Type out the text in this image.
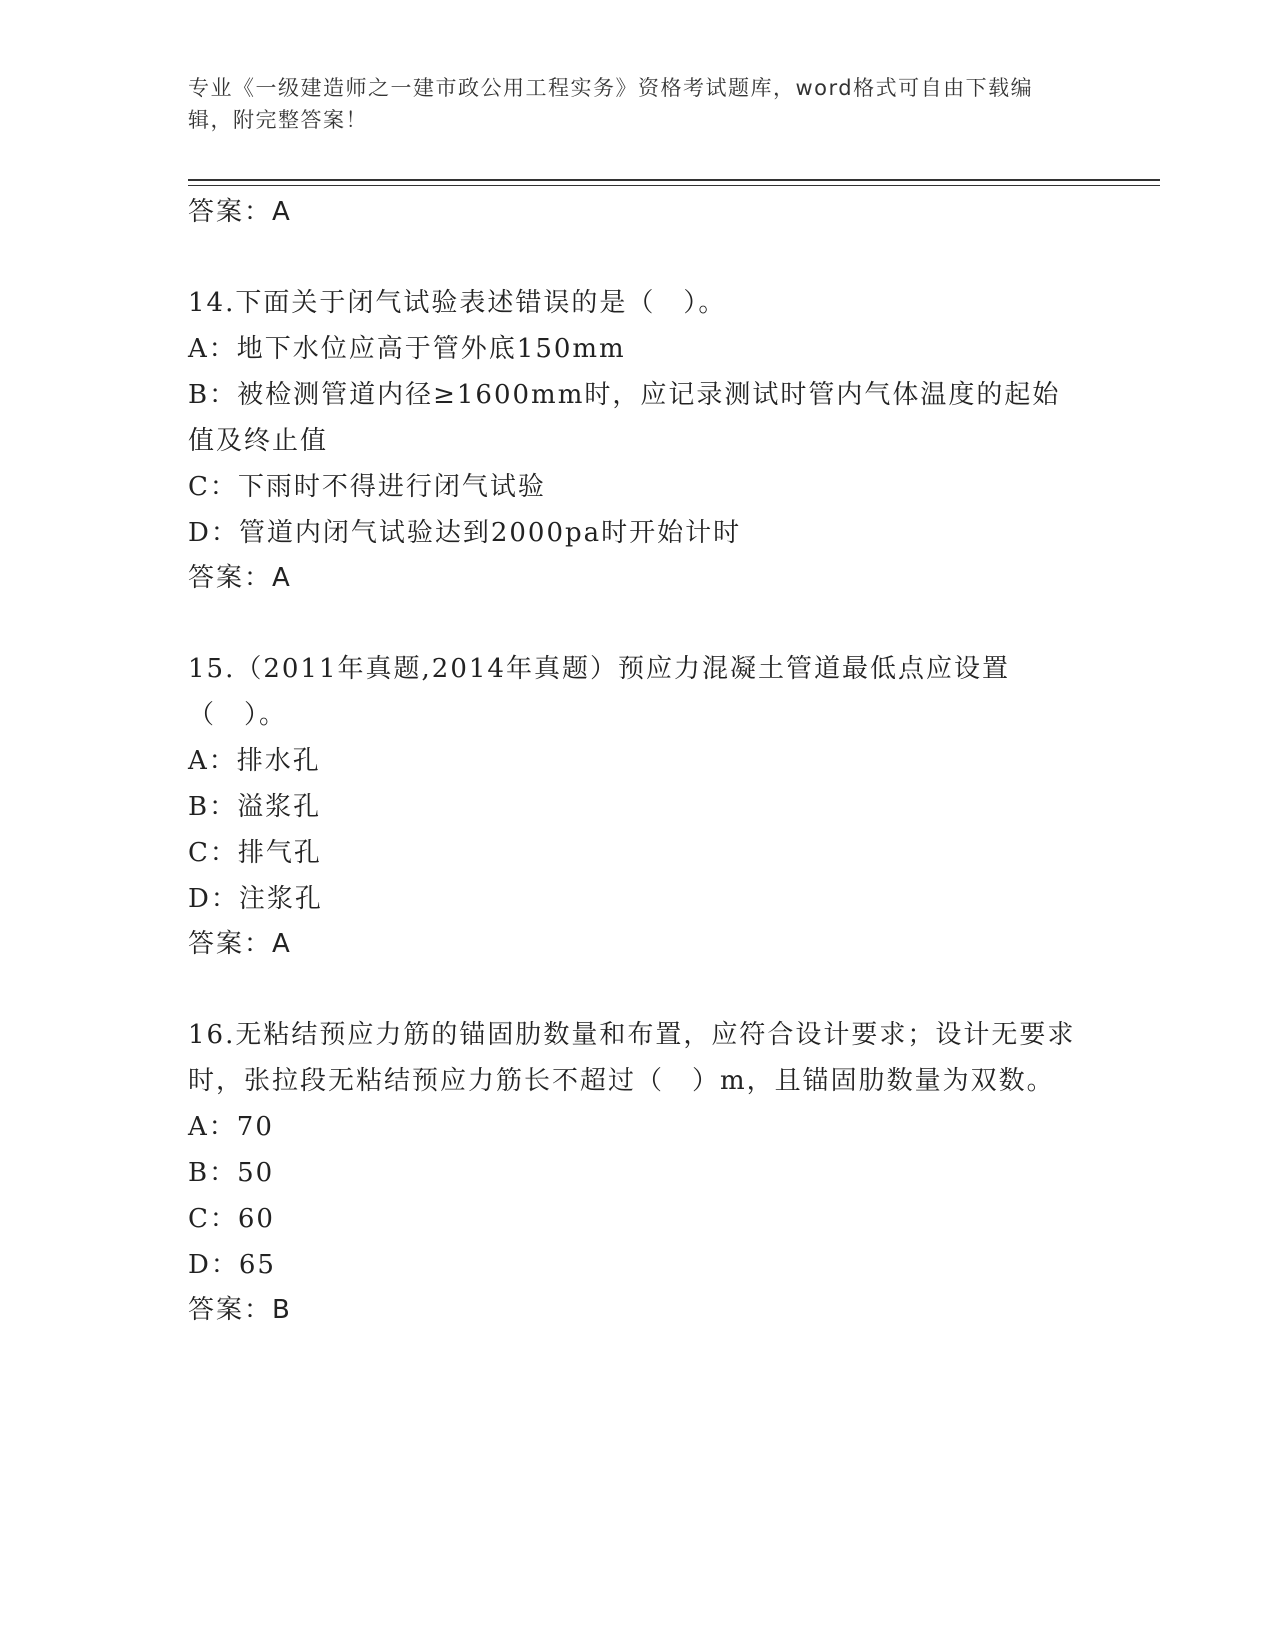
专业《一级建造师之一建市政公用工程实务》资格考试题库，word格式可自由下载编辑，附完整答案！

答案：A

14.下面关于闭气试验表述错误的是（　）。

A：地下水位应高于管外底150mm

B：被检测管道内径≥1600mm时，应记录测试时管内气体温度的起始值及终止值

C：下雨时不得进行闭气试验

D：管道内闭气试验达到2000pa时开始计时

答案：A

15.（2011年真题,2014年真题）预应力混凝土管道最低点应设置（　）。

A：排水孔

B：溢浆孔

C：排气孔

D：注浆孔

答案：A

16.无粘结预应力筋的锚固肋数量和布置，应符合设计要求；设计无要求时，张拉段无粘结预应力筋长不超过（　）m，且锚固肋数量为双数。

A：70

B：50

C：60

D：65

答案：B
